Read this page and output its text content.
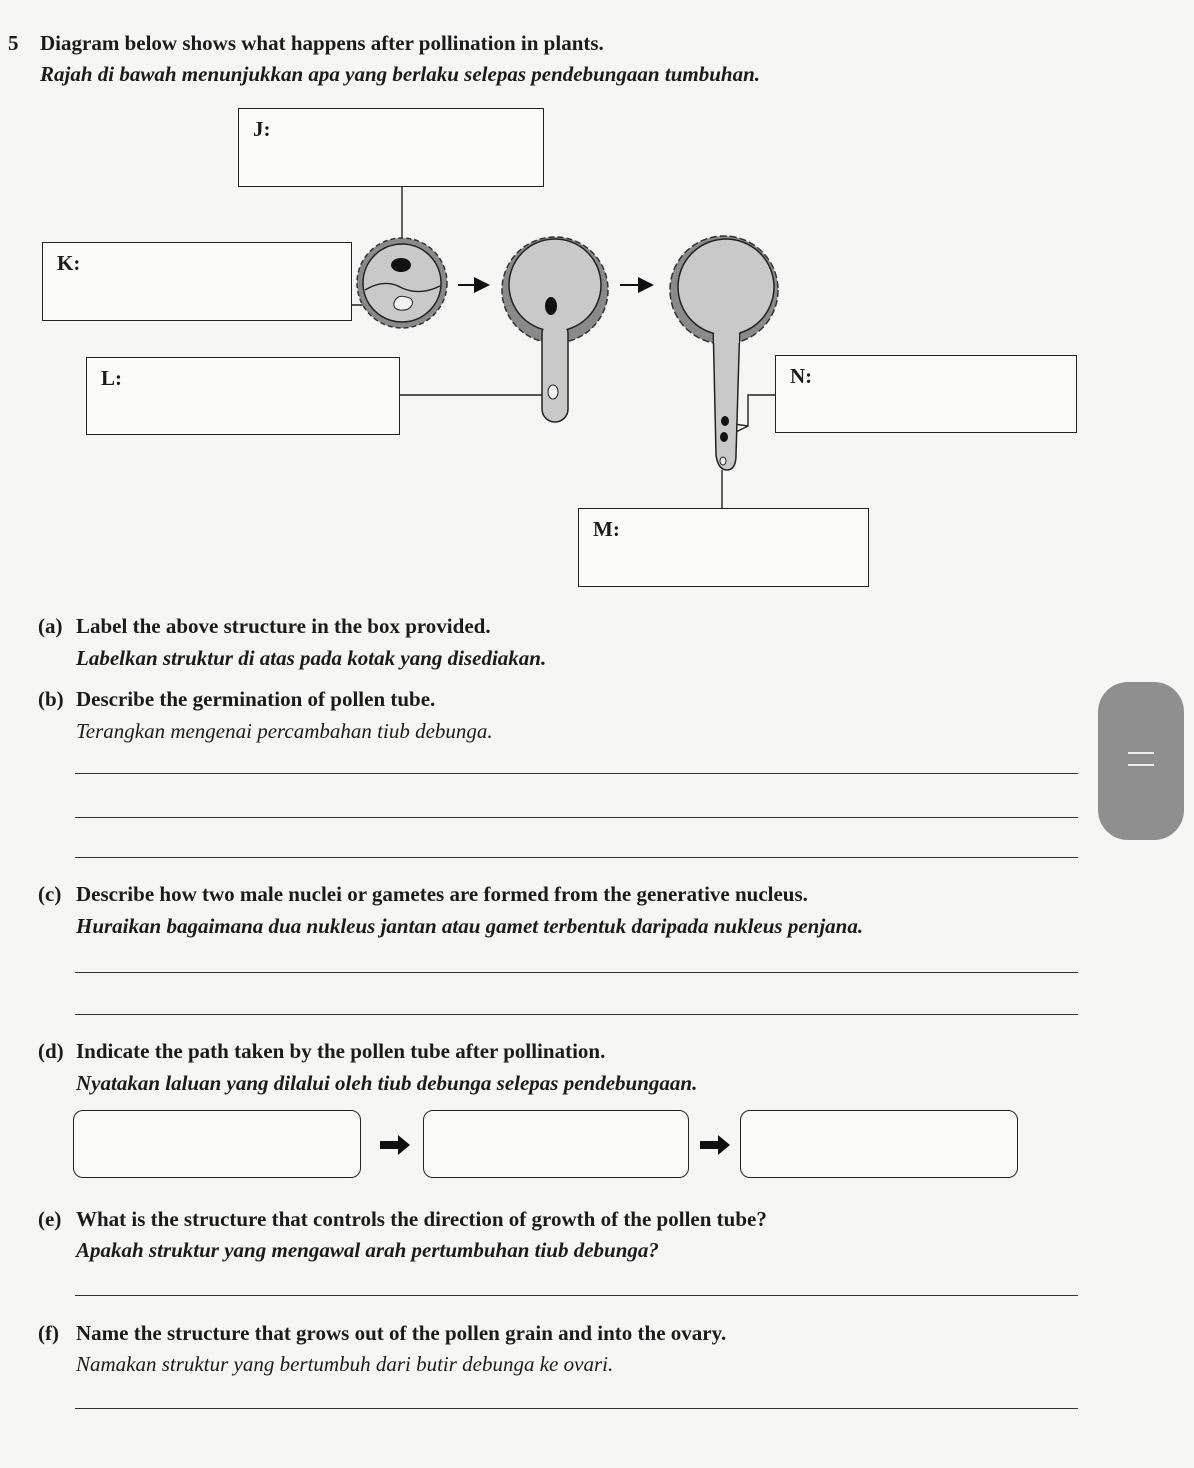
5 Diagram below shows what happens after pollination in plants.
Rajah di bawah menunjukkan apa yang berlaku selepas pendebungaan tumbuhan.
J:
K:
L:	N:
M:
(a) Label the above structure in the box provided.
Labelkan struktur di atas pada kotak yang disediakan.
(b) Describe the germination of pollen tube.
Terangkan mengenai percambahan tiub debunga.
(c) Describe how two male nuclei or gametes are formed from the generative nucleus.
Huraikan bagaimana dua nukleus jantan atau gamet terbentuk daripada nukleus penjana.
(d) Indicate the path taken by the pollen tube after pollination.
Nyatakan laluan yang dilalui oleh tiub debunga selepas pendebungaan.
(e) What is the structure that controls the direction of growth of the pollen tube?
Apakah struktur yang mengawal arah pertumbuhan tiub debunga?
(f) Name the structure that grows out of the pollen grain and into the ovary.
Namakan struktur yang bertumbuh dari butir debunga ke ovari.
